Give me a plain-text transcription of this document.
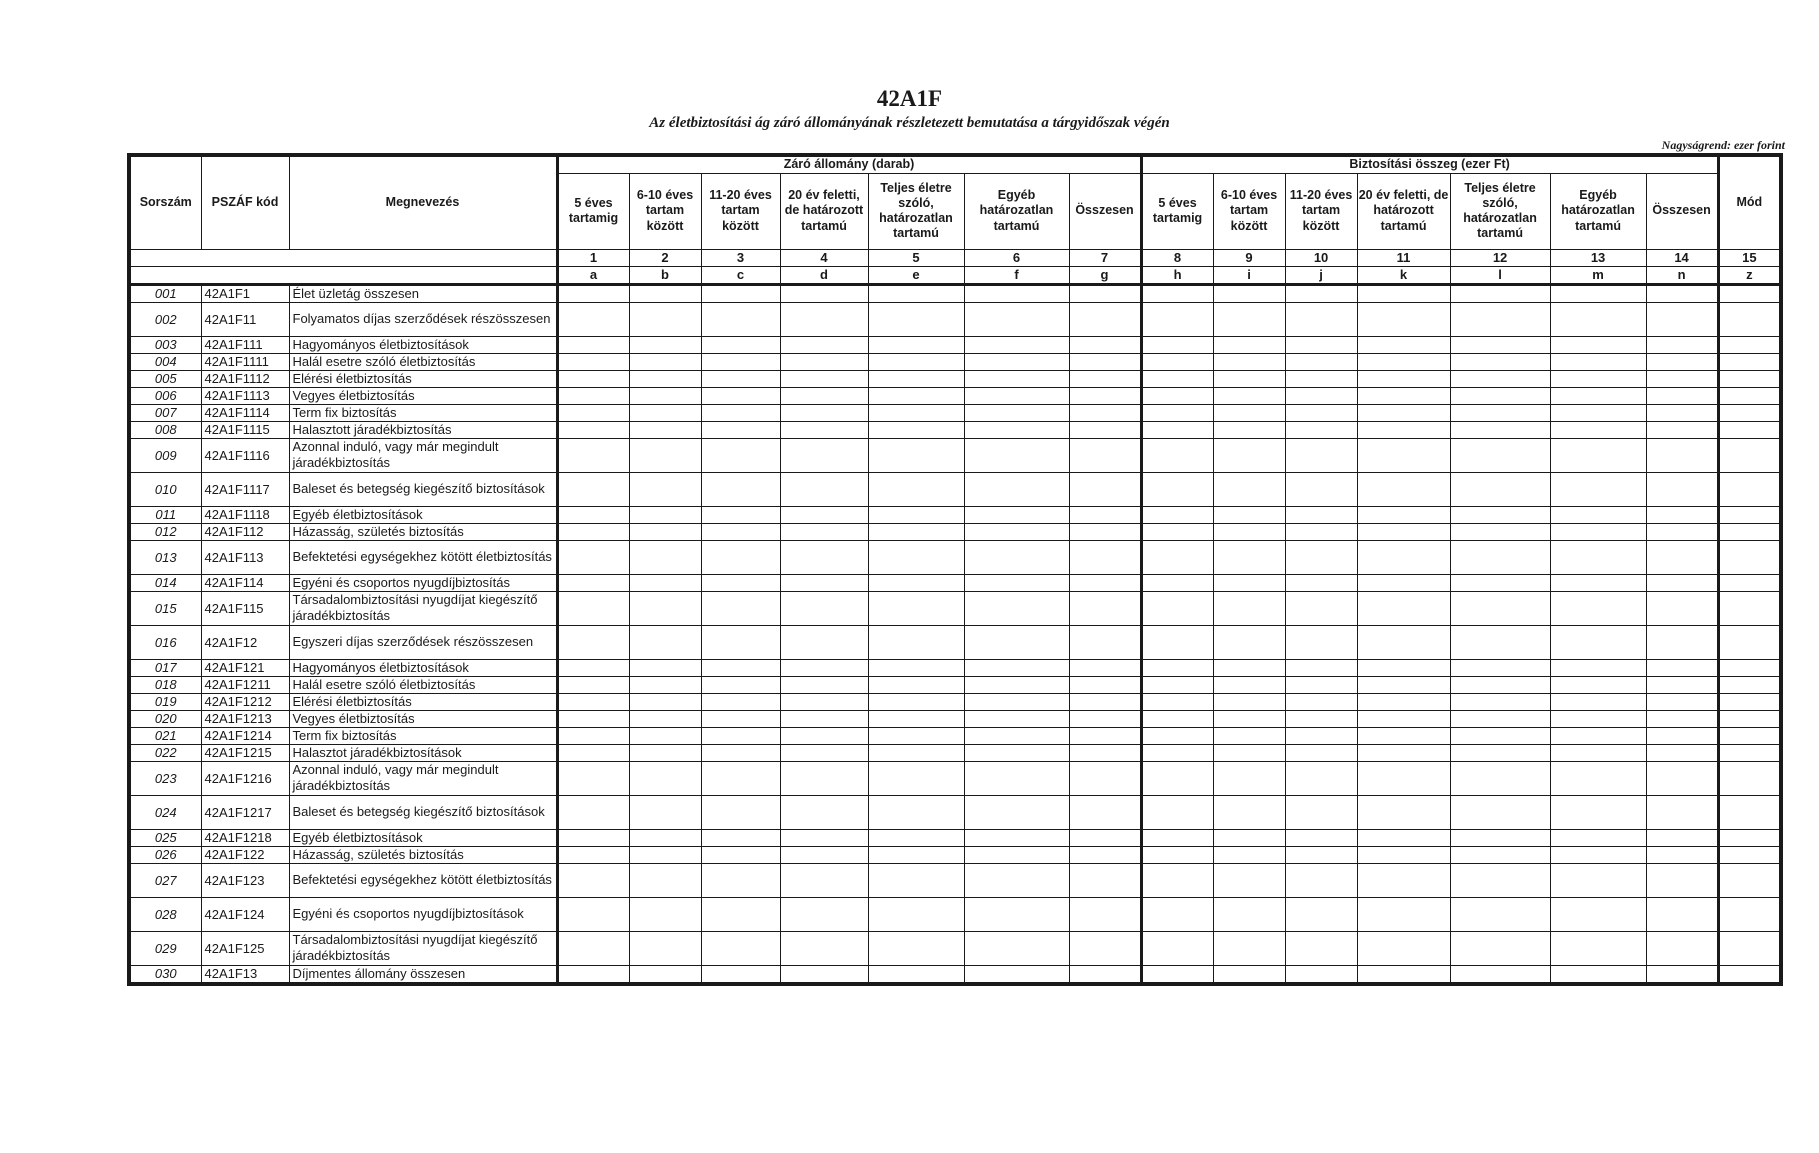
42A1F
Az életbiztosítási ág záró állományának részletezett bemutatása a tárgyidőszak végén
Nagyságrend: ezer forint
Sorszám	PSZÁF kód	Megnevezés	Záró állomány (darab)							Biztosítási összeg (ezer Ft)							Mód
			5 éves tartamig	6-10 éves tartam között	11-20 éves tartam között	20 év feletti, de határozott tartamú	Teljes életre szóló, határozatlan tartamú	Egyéb határozatlan tartamú	Összesen	5 éves tartamig	6-10 éves tartam között	11-20 éves tartam között	20 év feletti, de határozott tartamú	Teljes életre szóló, határozatlan tartamú	Egyéb határozatlan tartamú	Összesen	
			1	2	3	4	5	6	7	8	9	10	11	12	13	14	15
			a	b	c	d	e	f	g	h	i	j	k	l	m	n	z
001	42A1F1	Élet üzletág összesen															
002	42A1F11	Folyamatos díjas szerződések részösszesen															
003	42A1F111	Hagyományos életbiztosítások															
004	42A1F1111	Halál esetre szóló életbiztosítás															
005	42A1F1112	Elérési életbiztosítás															
006	42A1F1113	Vegyes életbiztosítás															
007	42A1F1114	Term fix biztosítás															
008	42A1F1115	Halasztott járadékbiztosítás															
009	42A1F1116	Azonnal induló, vagy már megindult járadékbiztosítás															
010	42A1F1117	Baleset és betegség kiegészítő biztosítások															
011	42A1F1118	Egyéb életbiztosítások															
012	42A1F112	Házasság, születés biztosítás															
013	42A1F113	Befektetési egységekhez kötött életbiztosítás															
014	42A1F114	Egyéni és csoportos nyugdíjbiztosítás															
015	42A1F115	Társadalombiztosítási nyugdíjat kiegészítő járadékbiztosítás															
016	42A1F12	Egyszeri díjas szerződések részösszesen															
017	42A1F121	Hagyományos életbiztosítások															
018	42A1F1211	Halál esetre szóló életbiztosítás															
019	42A1F1212	Elérési életbiztosítás															
020	42A1F1213	Vegyes életbiztosítás															
021	42A1F1214	Term fix biztosítás															
022	42A1F1215	Halasztot járadékbiztosítások															
023	42A1F1216	Azonnal induló, vagy már megindult járadékbiztosítás															
024	42A1F1217	Baleset és betegség kiegészítő biztosítások															
025	42A1F1218	Egyéb életbiztosítások															
026	42A1F122	Házasság, születés biztosítás															
027	42A1F123	Befektetési egységekhez kötött életbiztosítás															
028	42A1F124	Egyéni és csoportos nyugdíjbiztosítások															
029	42A1F125	Társadalombiztosítási nyugdíjat kiegészítő járadékbiztosítás															
030	42A1F13	Díjmentes állomány összesen															
